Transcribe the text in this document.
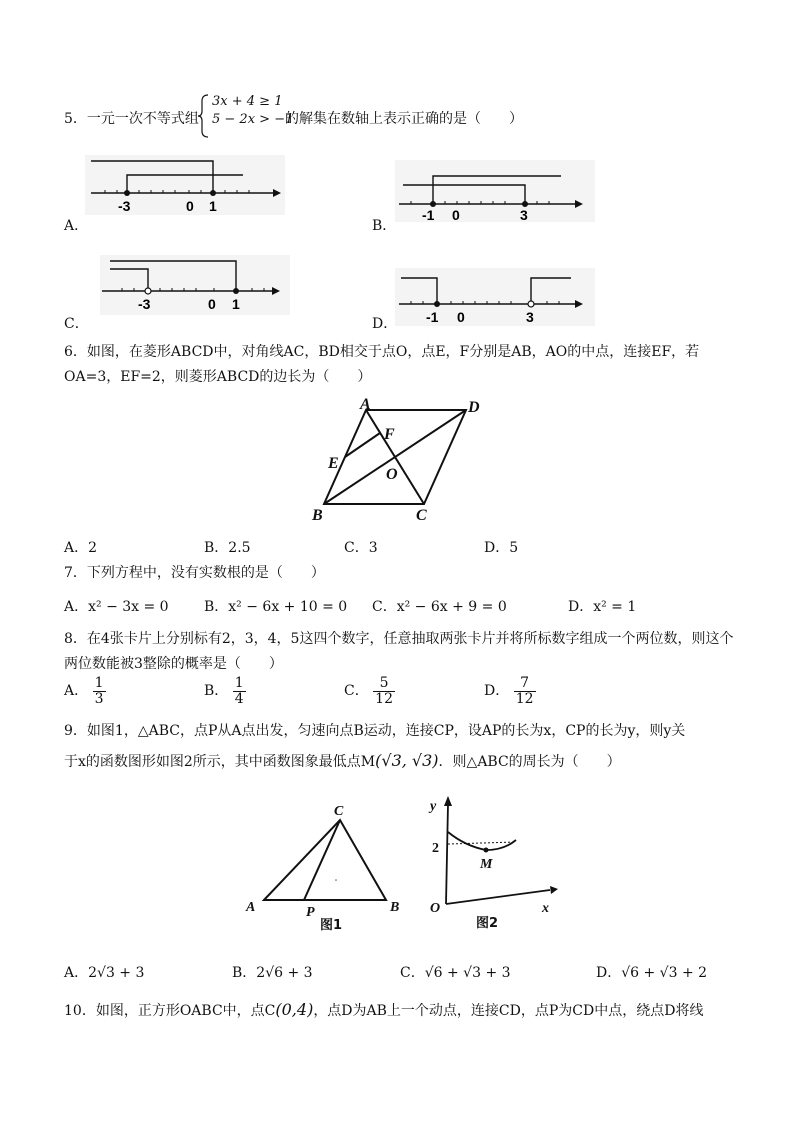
5．一元一次不等式组
3x + 4 ≥ 1
5 − 2x > −1
的解集在数轴上表示正确的是（　　）
-3	0 1
A．
-1 0	3
B．
-3	0 1
C．	-1 0	3
D．
6．如图，在菱形ABCD中，对角线AC，BD相交于点O，点E，F分别是AB，AO的中点，连接EF，若
OA=3，EF=2，则菱形ABCD的边长为（　　）
A	D
F
E
O
B	C
A．2	B．2.5	C．3	D．5
7．下列方程中，没有实数根的是（　　）
A．x² − 3x = 0	B．x² − 6x + 10 = 0 C．x² − 6x + 9 = 0	D．x² = 1
8．在4张卡片上分别标有2，3，4，5这四个数字，任意抽取两张卡片并将所标数字组成一个两位数，则这个
两位数能被3整除的概率是（　　）
A． $\frac{1}{3}$	B． $\frac{1}{4}$	C． $\frac{5}{12}$	D． $\frac{7}{12}$
9．如图1，△ABC，点P从A点出发，匀速向点B运动，连接CP，设AP的长为x，CP的长为y，则y关
于x的函数图形如图2所示，其中函数图象最低点M(√3, √3)．则△ABC的周长为（　　）
C
A	B
P
图1
y
x
O
M
2
图2
A．2√3 + 3	B．2√6 + 3	C．√6 + √3 + 3	D．√6 + √3 + 2
10．如图，正方形OABC中，点C(0,4)，点D为AB上一个动点，连接CD，点P为CD中点，绕点D将线
